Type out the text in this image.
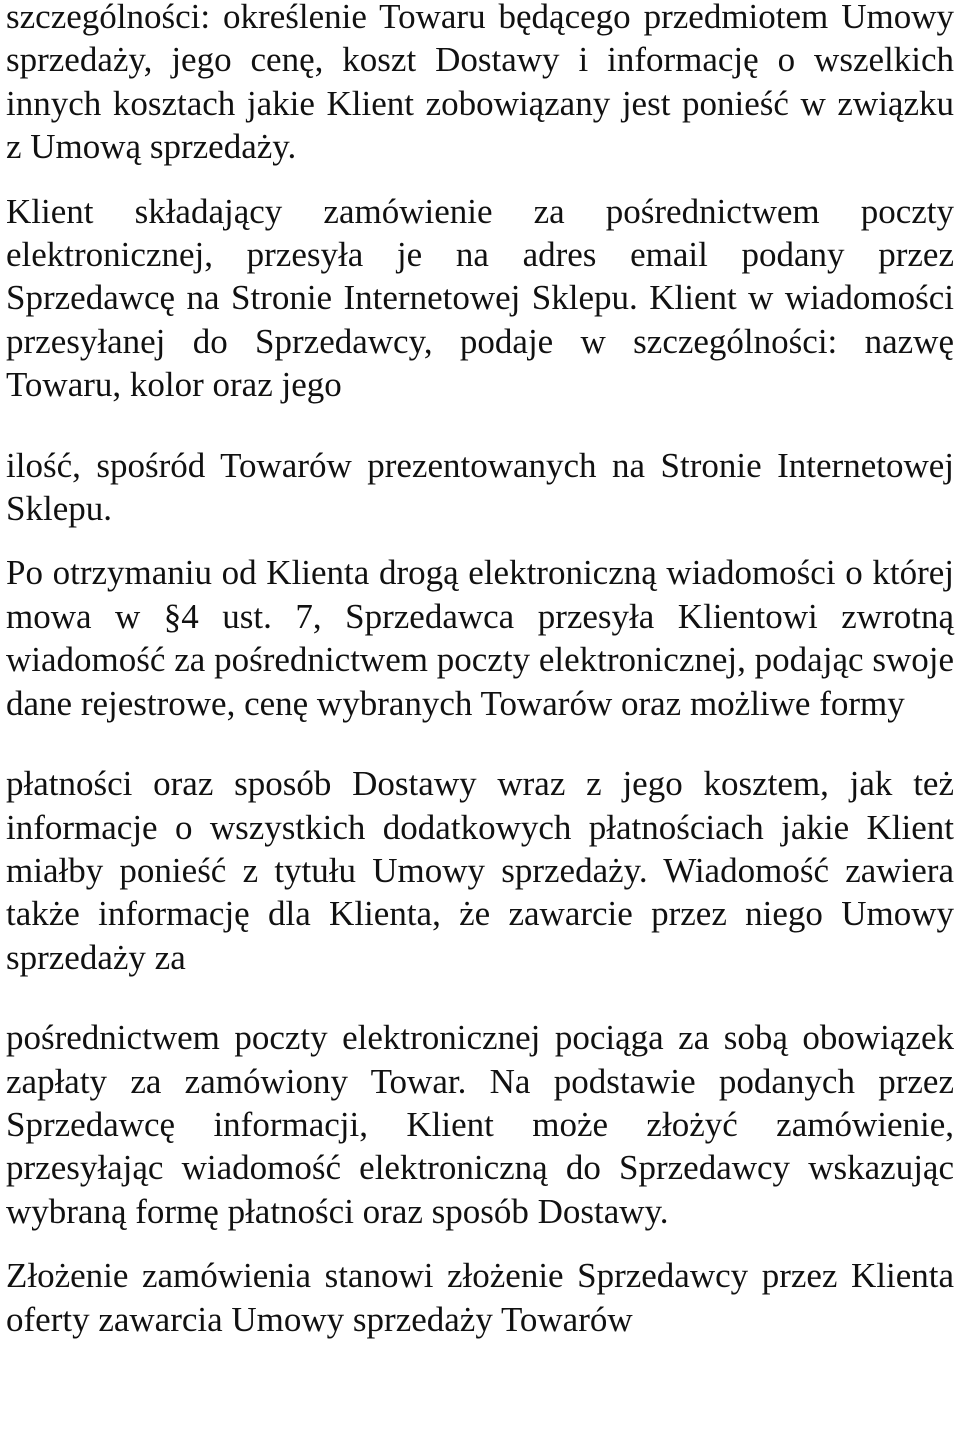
szczególności: określenie Towaru będącego przedmiotem Umowy sprzedaży, jego cenę, koszt Dostawy i informację o wszelkich innych kosztach jakie Klient zobowiązany jest ponieść w związku z Umową sprzedaży.

Klient składający zamówienie za pośrednictwem poczty elektronicznej, przesyła je na adres email podany przez Sprzedawcę na Stronie Internetowej Sklepu. Klient w wiadomości przesyłanej do Sprzedawcy, podaje w szczególności: nazwę Towaru, kolor oraz jego

ilość, spośród Towarów prezentowanych na Stronie Internetowej Sklepu.

Po otrzymaniu od Klienta drogą elektroniczną wiadomości o której mowa w §4 ust. 7, Sprzedawca przesyła Klientowi zwrotną wiadomość za pośrednictwem poczty elektronicznej, podając swoje dane rejestrowe, cenę wybranych Towarów oraz możliwe formy

płatności oraz sposób Dostawy wraz z jego kosztem, jak też informacje o wszystkich dodatkowych płatnościach jakie Klient miałby ponieść z tytułu Umowy sprzedaży. Wiadomość zawiera także informację dla Klienta, że zawarcie przez niego Umowy sprzedaży za

pośrednictwem poczty elektronicznej pociąga za sobą obowiązek zapłaty za zamówiony Towar. Na podstawie podanych przez Sprzedawcę informacji, Klient może złożyć zamówienie, przesyłając wiadomość elektroniczną do Sprzedawcy wskazując wybraną formę płatności oraz sposób Dostawy.

Złożenie zamówienia stanowi złożenie Sprzedawcy przez Klienta oferty zawarcia Umowy sprzedaży Towarów
